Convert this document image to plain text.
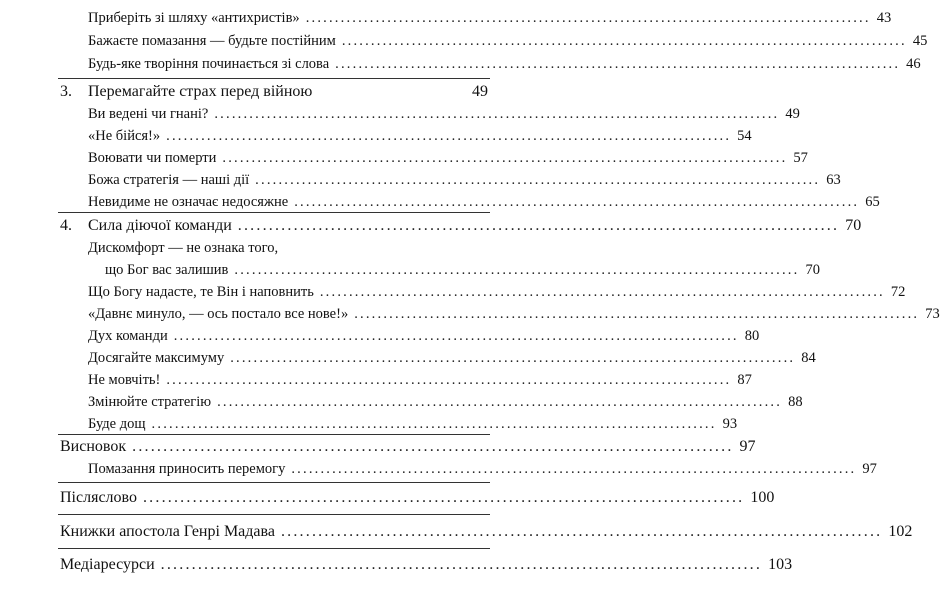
Приберіть зі шляху «антихристів» ................................................................................................. 43
Бажаєте помазання — будьте постійним ................................................................................................. 45
Будь-яке творіння починається зі слова ................................................................................................. 46
3.	Перемагайте страх перед війною	49
Ви ведені чи гнані? ................................................................................................. 49
«Не бійся!» ................................................................................................. 54
Воювати чи померти ................................................................................................. 57
Божа стратегія — наші дії ................................................................................................. 63
Невидиме не означає недосяжне ................................................................................................. 65
4.	Сила діючої команди ................................................................................................. 70
Дискомфорт — не ознака того,
що Бог вас залишив ................................................................................................. 70
Що Богу надасте, те Він і наповнить ................................................................................................. 72
«Давнє минуло, — ось постало все нове!» ................................................................................................. 73
Дух команди ................................................................................................. 80
Досягайте максимуму ................................................................................................. 84
Не мовчіть! ................................................................................................. 87
Змінюйте стратегію ................................................................................................. 88
Буде дощ ................................................................................................. 93
Висновок ................................................................................................. 97
Помазання приносить перемогу ................................................................................................. 97
Післяслово ................................................................................................. 100
Книжки апостола Генрі Мадава ................................................................................................. 102
Медіаресурси ................................................................................................. 103
